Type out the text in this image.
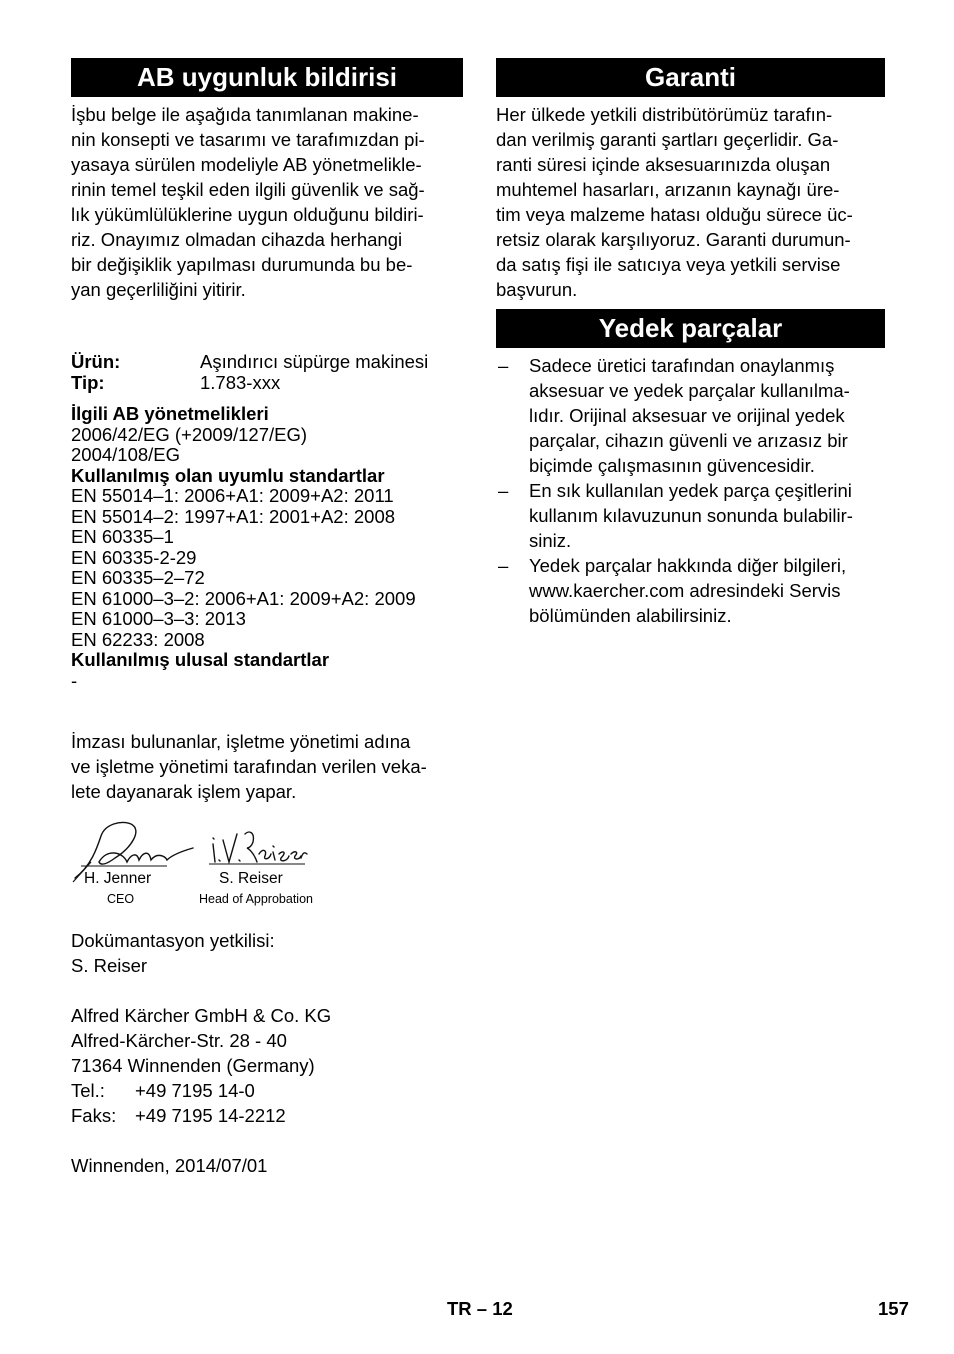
AB uygunluk bildirisi

İşbu belge ile aşağıda tanımlanan makine-
nin konsepti ve tasarımı ve tarafımızdan pi-
yasaya sürülen modeliyle AB yönetmelikle-
rinin temel teşkil eden ilgili güvenlik ve sağ-
lık yükümlülüklerine uygun olduğunu bildiri-
riz. Onayımız olmadan cihazda herhangi
bir değişiklik yapılması durumunda bu be-
yan geçerliliğini yitirir.

Ürün:	Aşındırıcı süpürge makinesi
Tip:	1.783-xxx
İlgili AB yönetmelikleri
2006/42/EG (+2009/127/EG)
2004/108/EG
Kullanılmış olan uyumlu standartlar
EN 55014–1: 2006+A1: 2009+A2: 2011
EN 55014–2: 1997+A1: 2001+A2: 2008
EN 60335–1
EN 60335-2-29
EN 60335–2–72
EN 61000–3–2: 2006+A1: 2009+A2: 2009
EN 61000–3–3: 2013
EN 62233: 2008
Kullanılmış ulusal standartlar
-

İmzası bulunanlar, işletme yönetimi adına
ve işletme yönetimi tarafından verilen veka-
lete dayanarak işlem yapar.

H. Jenner
CEO
S. Reiser
Head of Approbation

Dokümantasyon yetkilisi:
S. Reiser

Alfred Kärcher GmbH & Co. KG
Alfred-Kärcher-Str. 28 - 40
71364 Winnenden (Germany)

Tel.:	+49 7195 14-0
Faks:	+49 7195 14-2212

Winnenden, 2014/07/01

Garanti

Her ülkede yetkili distribütörümüz tarafın-
dan verilmiş garanti şartları geçerlidir. Ga-
ranti süresi içinde aksesuarınızda oluşan
muhtemel hasarları, arızanın kaynağı üre-
tim veya malzeme hatası olduğu sürece üc-
retsiz olarak karşılıyoruz. Garanti durumun-
da satış fişi ile satıcıya veya yetkili servise
başvurun.

Yedek parçalar
– Sadece üretici tarafından onaylanmış
aksesuar ve yedek parçalar kullanılma-
lıdır. Orijinal aksesuar ve orijinal yedek
parçalar, cihazın güvenli ve arızasız bir
biçimde çalışmasının güvencesidir.
– En sık kullanılan yedek parça çeşitlerini
kullanım kılavuzunun sonunda bulabilir-
siniz.
– Yedek parçalar hakkında diğer bilgileri,
www.kaercher.com adresindeki Servis
bölümünden alabilirsiniz.
TR – 12	157
